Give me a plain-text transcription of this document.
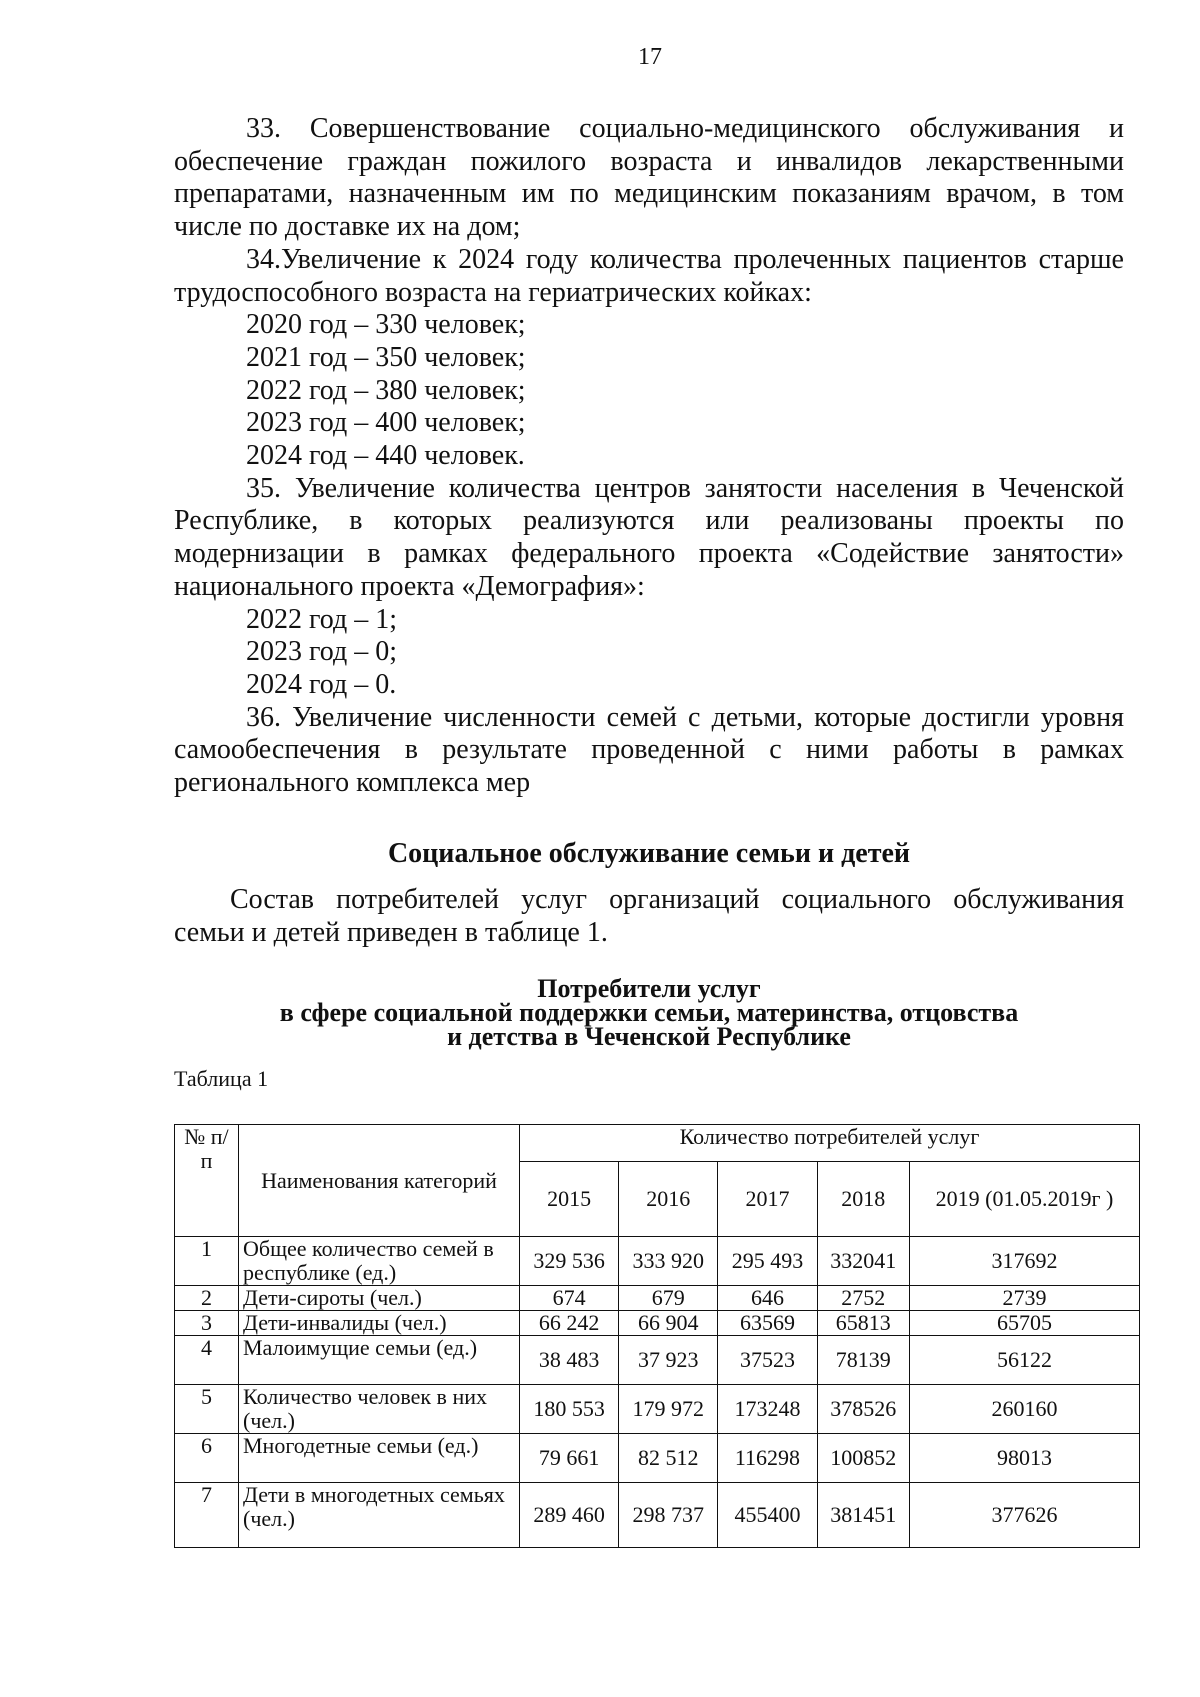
17

33. Совершенствование социально-медицинского обслуживания и обеспечение граждан пожилого возраста и инвалидов лекарственными препаратами, назначенным им по медицинским показаниям врачом, в том числе по доставке их на дом;

34.Увеличение к 2024 году количества пролеченных пациентов старше трудоспособного возраста на гериатрических койках:

2020 год – 330 человек;

2021 год – 350 человек;

2022 год – 380 человек;

2023 год – 400 человек;

2024 год – 440 человек.

35. Увеличение количества центров занятости населения в Чеченской Республике, в которых реализуются или реализованы проекты по модернизации в рамках федерального проекта «Содействие занятости» национального проекта «Демография»:

2022 год – 1;

2023 год – 0;

2024 год – 0.

36. Увеличение численности семей с детьми, которые достигли уровня самообеспечения в результате проведенной с ними работы в рамках регионального комплекса мер

Социальное обслуживание семьи и детей

Состав потребителей услуг организаций социального обслуживания семьи и детей приведен в таблице 1.

Потребители услуг
в сфере социальной поддержки семьи, материнства, отцовства
и детства в Чеченской Республике
Таблица 1
№ п/п	Наименования категорий	Количество потребителей услуг				
		2015	2016	2017	2018	2019 (01.05.2019г )
1	Общее количество семей в республике (ед.)	329 536	333 920	295 493	332041	317692
2	Дети-сироты (чел.)	674	679	646	2752	2739
3	Дети-инвалиды (чел.)	66 242	66 904	63569	65813	65705
4	Малоимущие семьи (ед.)	38 483	37 923	37523	78139	56122
5	Количество человек в них (чел.)	180 553	179 972	173248	378526	260160
6	Многодетные семьи (ед.)	79 661	82 512	116298	100852	98013
7	Дети в многодетных семьях (чел.)	289 460	298 737	455400	381451	377626
